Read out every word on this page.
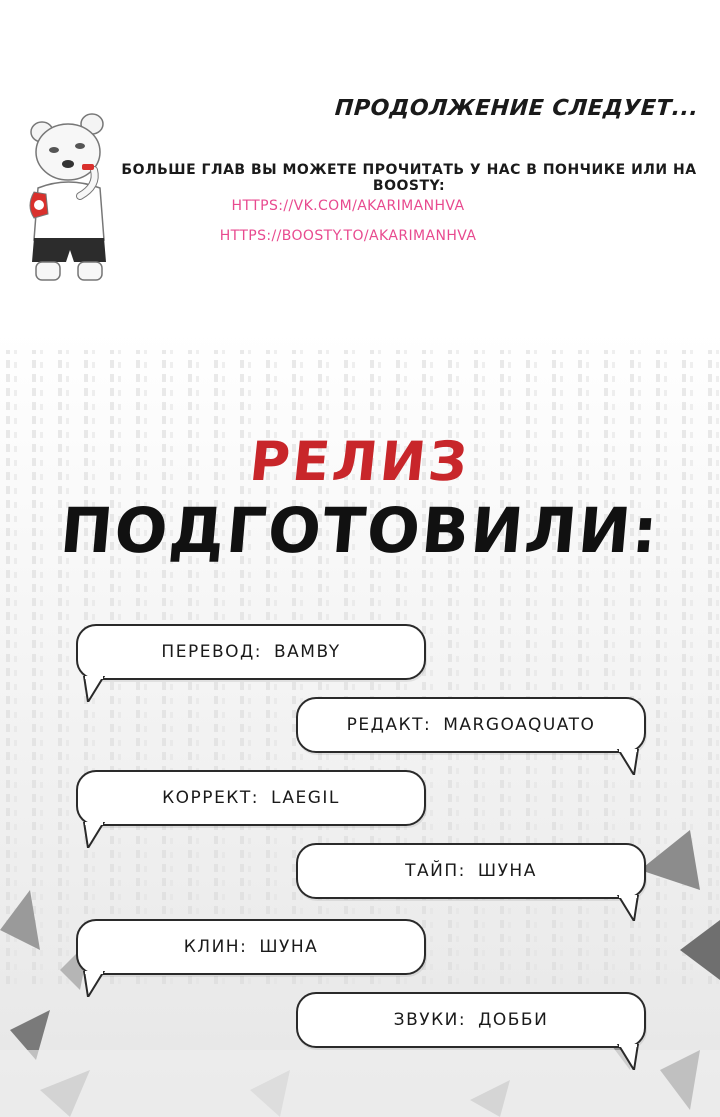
ПРОДОЛЖЕНИЕ СЛЕДУЕТ...
БОЛЬШЕ ГЛАВ ВЫ МОЖЕТЕ ПРОЧИТАТЬ У НАС В ПОНЧИКЕ ИЛИ НА BOOSTY:
HTTPS://VK.COM/AKARIMANHVA
HTTPS://BOOSTY.TO/AKARIMANHVA
РЕЛИЗ
ПОДГОТОВИЛИ:
ПЕРЕВОД: BAMBY
РЕДАКТ: MARGOAQUATO
КОРРЕКТ: LAEGIL
ТАЙП: ШУНА
КЛИН: ШУНА
ЗВУКИ: ДОББИ
